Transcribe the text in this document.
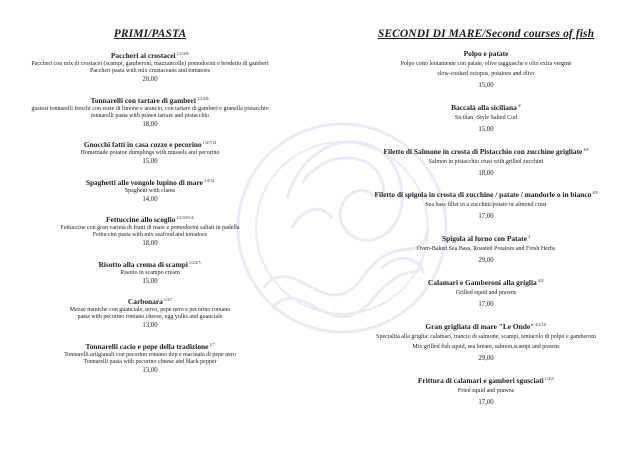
PRIMI/PASTA
Paccheri ai crostacei$^{1/2/4/9/}$
Paccheri con mix di crostacei (scampi, gamberoni, mazzancolle) pomodorini e brodetto di gamberi
Paccheri pasta with mix crustaceans and tomatoes
20,00
Tonnarelli con tartare di gamberi$^{1/2/4/9/}$
gustosi tonnarelli freschi con zeste di limone e arancio, con tartare di gamberi e granella pistacchio
tonnarelli pasta with prawn tartare and pistacchio
18,00
Gnocchi fatti in casa cozze e pecorino$^{1/4/7/14}$
Homemade potatoe dumplings with mussels and pecorino
15,00
Spaghetti alle vongole lupino di mare$^{1/4/14}$
Spaghetti with clams
14,00
Fettuccine allo scoglio$^{1/2/4/9/14/}$
Fettuccine con gran varietà di frutti di mare e pomodorini saltati in padella
Fettuccini pasta with mix seafood and tomatoes
18,00
Risotto alla crema di scampi$^{1/2/4/7/}$
Risotto in scampo cream
15,00
Carbonara$^{1/3/7}$
Mezze maniche con guanciale, uovo, pepe nero e pecorino romano
pasta with pecorino romano cheese, egg yolks and guanciale
13,00
Tonnarelli cacio e pepe della tradizione$^{1/7}$
Tonnarelli artigianali con pecorino romano dop e macinata di pepe nero
Tonnarelli pasta with pecorino cheese and black pepper
13,00
SECONDI DI MARE/Second courses of fish
Polpo e patate
Polpo cotto lentamente con patate, olive taggiasche e olio extra vergine
slow-cooked octopus, potatoes and olivs
15,00
Baccalà alla siciliana$^{4/}$
Sicilian -Style Salted Cod
15,00
Filetto di Salmone in crosta di Pistacchio con zucchine grigliate$^{4/8}$
Salmon in pistacchio crust with grilled zucchini
18,00
Filetto di spigola in crosta di zucchine / patate / mandorle o in bianco$^{4/8}$
Sea bass fillet in a zucchini/potato or almond crust
17,00
Spigola al forno con Patate$^4$
Oven-Baked Sea Bass, Roasted Potatoes and Fresh Herbs
29,00
Calamari e Gamberoni alla griglia$^{4/2/}$
Grilled squid and prawns
17,00
Gran grigliata di mare "Le Onde"$^{4/2/14/}$
Specialità alla griglia: calamari, trancio di salmone, scampi, tentacolo di polpo e gamberoni
Mix grilled fish squid, sea bream, salmon,scampi and prawns
29,00
Frittura di calamari e gamberi sgusciati$^{1/4/2/}$
Fried squid and prawns
17,00
